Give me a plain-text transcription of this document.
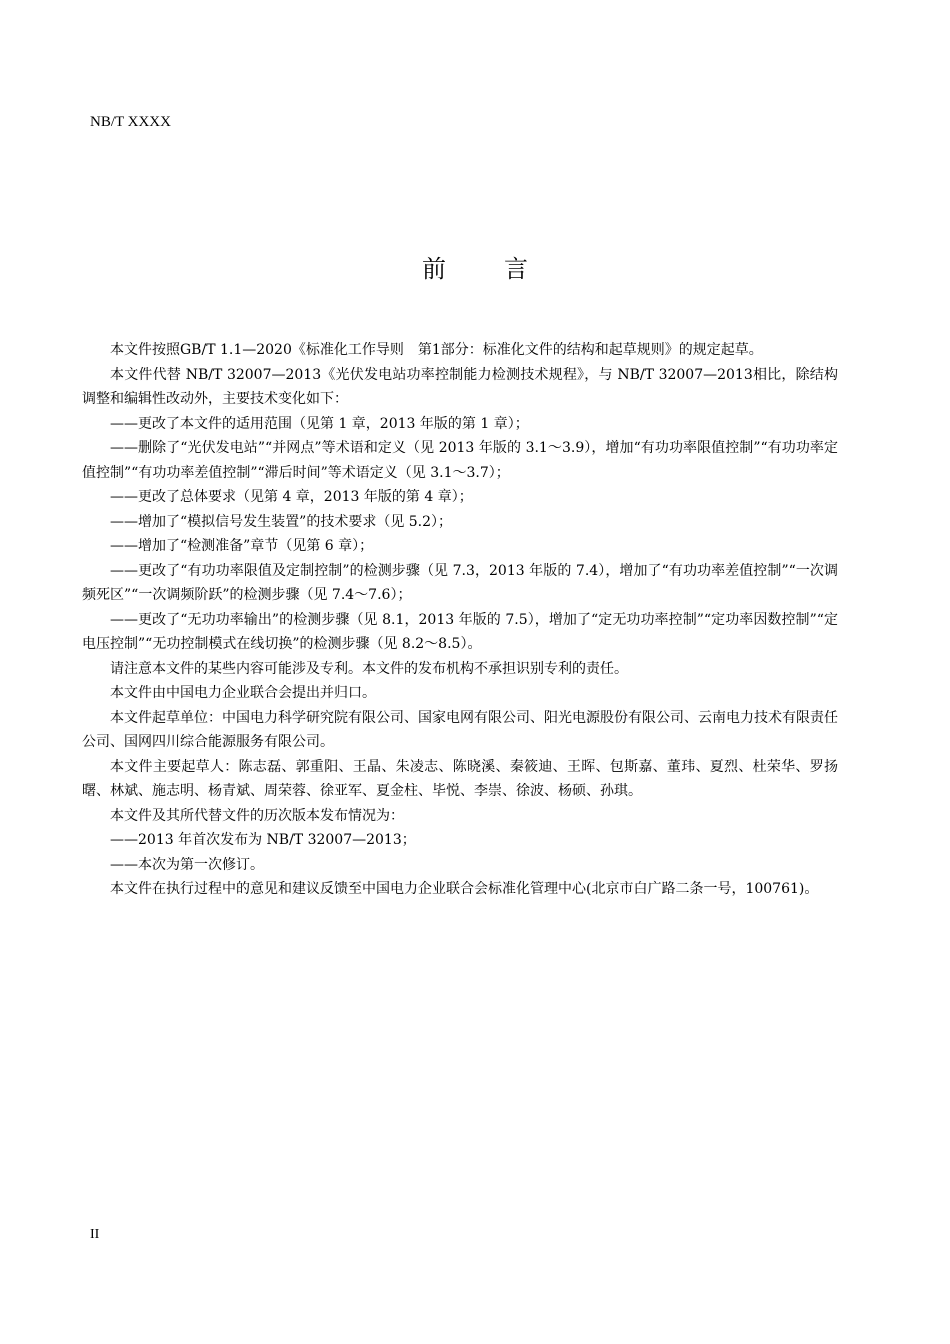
NB/T XXXX
前 言

本文件按照GB/T 1.1—2020《标准化工作导则　第1部分：标准化文件的结构和起草规则》的规定起草。

本文件代替 NB/T 32007—2013《光伏发电站功率控制能力检测技术规程》，与 NB/T 32007—2013相比，除结构调整和编辑性改动外，主要技术变化如下：

——更改了本文件的适用范围（见第 1 章，2013 年版的第 1 章）；

——删除了“光伏发电站”“并网点”等术语和定义（见 2013 年版的 3.1～3.9），增加“有功功率限值控制”“有功功率定值控制”“有功功率差值控制”“滞后时间”等术语定义（见 3.1～3.7）；

——更改了总体要求（见第 4 章，2013 年版的第 4 章）；

——增加了“模拟信号发生装置”的技术要求（见 5.2）；

——增加了“检测准备”章节（见第 6 章）；

——更改了“有功功率限值及定制控制”的检测步骤（见 7.3，2013 年版的 7.4），增加了“有功功率差值控制”“一次调频死区”“一次调频阶跃”的检测步骤（见 7.4～7.6）；

——更改了“无功功率输出”的检测步骤（见 8.1，2013 年版的 7.5），增加了“定无功功率控制”“定功率因数控制”“定电压控制”“无功控制模式在线切换”的检测步骤（见 8.2～8.5）。

请注意本文件的某些内容可能涉及专利。本文件的发布机构不承担识别专利的责任。

本文件由中国电力企业联合会提出并归口。

本文件起草单位：中国电力科学研究院有限公司、国家电网有限公司、阳光电源股份有限公司、云南电力技术有限责任公司、国网四川综合能源服务有限公司。

本文件主要起草人：陈志磊、郭重阳、王晶、朱凌志、陈晓溪、秦筱迪、王晖、包斯嘉、董玮、夏烈、杜荣华、罗扬曙、林斌、施志明、杨青斌、周荣蓉、徐亚军、夏金柱、毕悦、李崇、徐波、杨硕、孙琪。

本文件及其所代替文件的历次版本发布情况为：

——2013 年首次发布为 NB/T 32007—2013；

——本次为第一次修订。

本文件在执行过程中的意见和建议反馈至中国电力企业联合会标准化管理中心(北京市白广路二条一号，100761)。

II
